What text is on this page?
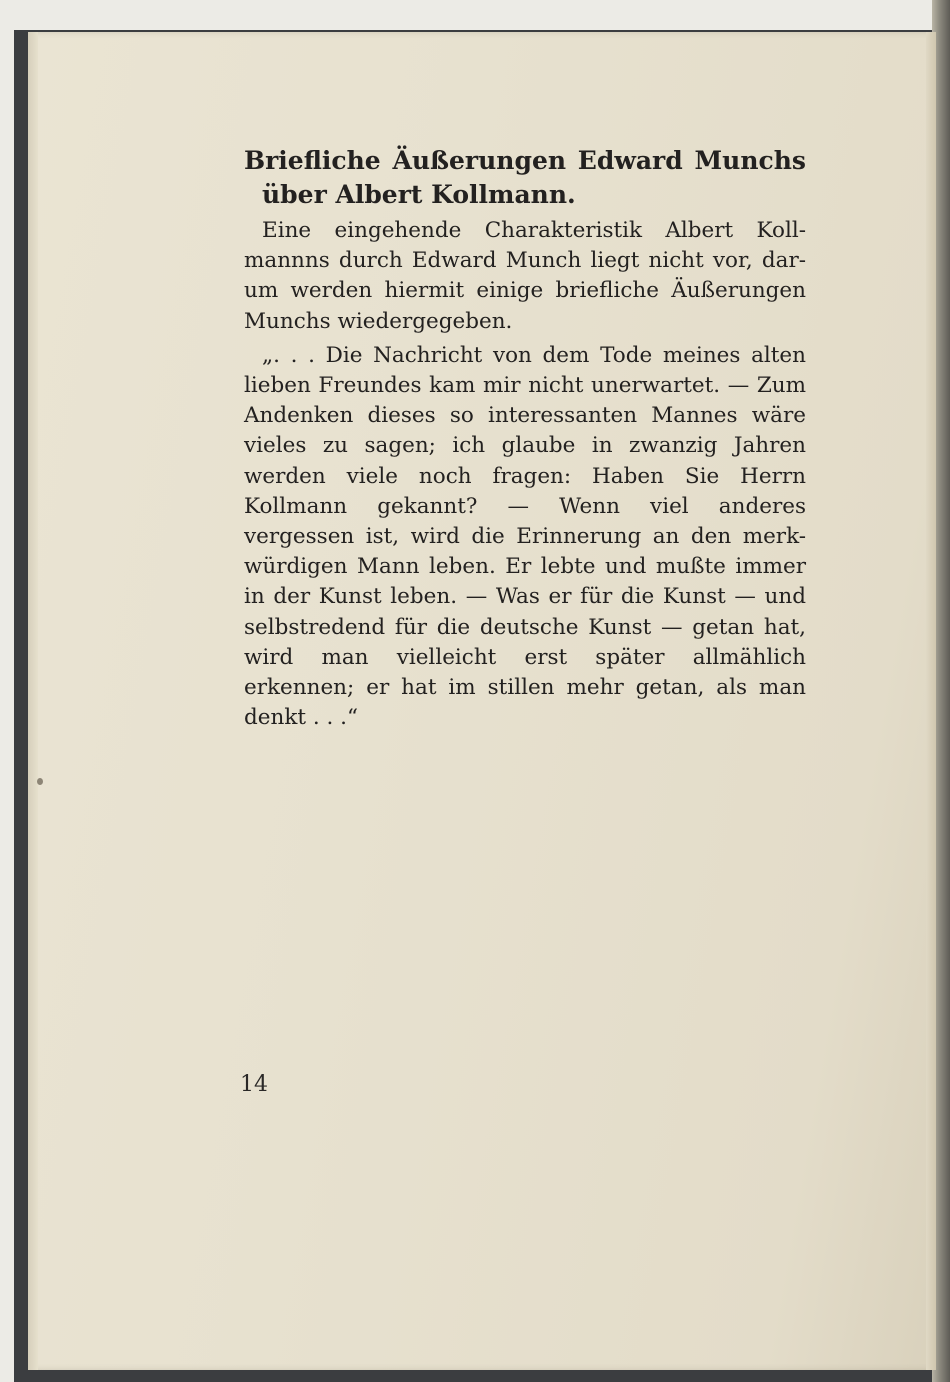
Briefliche Äußerungen Edward Munchs
über Albert Kollmann.

Eine eingehende Charakteristik Albert Koll-mannns durch Edward Munch liegt nicht vor, dar-um werden hiermit einige briefliche Äußerungen Munchs wiedergegeben.

„. . . Die Nachricht von dem Tode meines alten lieben Freundes kam mir nicht unerwartet. — Zum Andenken dieses so interessanten Mannes wäre vieles zu sagen; ich glaube in zwanzig Jahren werden viele noch fragen: Haben Sie Herrn Kollmann gekannt? — Wenn viel anderes vergessen ist, wird die Erinnerung an den merk-würdigen Mann leben. Er lebte und mußte immer in der Kunst leben. — Was er für die Kunst — und selbstredend für die deutsche Kunst — getan hat, wird man vielleicht erst später allmählich erkennen; er hat im stillen mehr getan, als man denkt . . .“

14
